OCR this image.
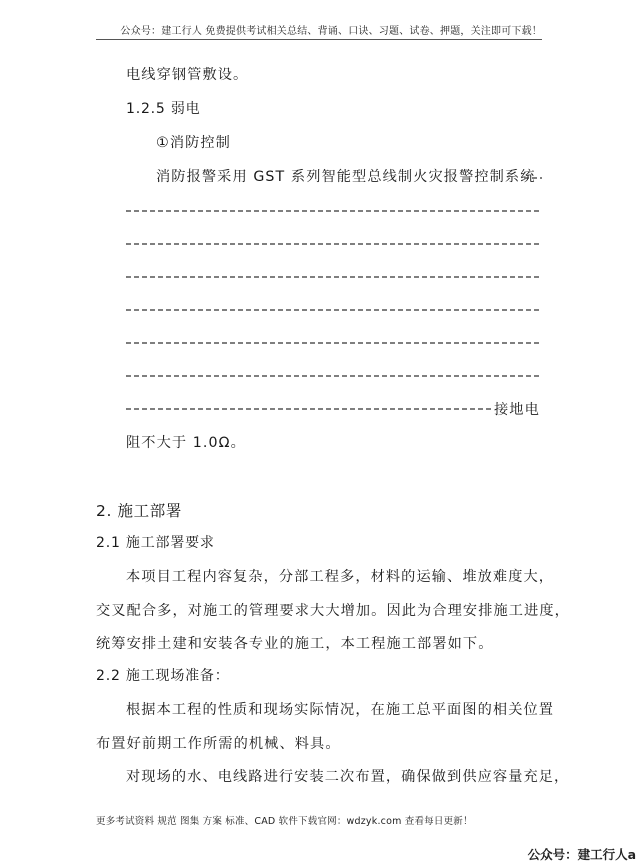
公众号：建工行人 免费提供考试相关总结、背诵、口诀、习题、试卷、押题，关注即可下载！
电线穿钢管敷设。
1.2.5 弱电
①消防控制
消防报警采用 GST 系列智能型总线制火灾报警控制系统
接地电
阻不大于 1.0Ω。
2. 施工部署
2.1 施工部署要求
本项目工程内容复杂，分部工程多，材料的运输、堆放难度大，
交叉配合多，对施工的管理要求大大增加。因此为合理安排施工进度，
统筹安排土建和安装各专业的施工，本工程施工部署如下。
2.2 施工现场准备：
根据本工程的性质和现场实际情况，在施工总平面图的相关位置
布置好前期工作所需的机械、料具。
对现场的水、电线路进行安装二次布置，确保做到供应容量充足，
更多考试资料 规范 图集 方案 标准、CAD 软件下载官网：wdzyk.com 查看每日更新！
公众号：建工行人a
